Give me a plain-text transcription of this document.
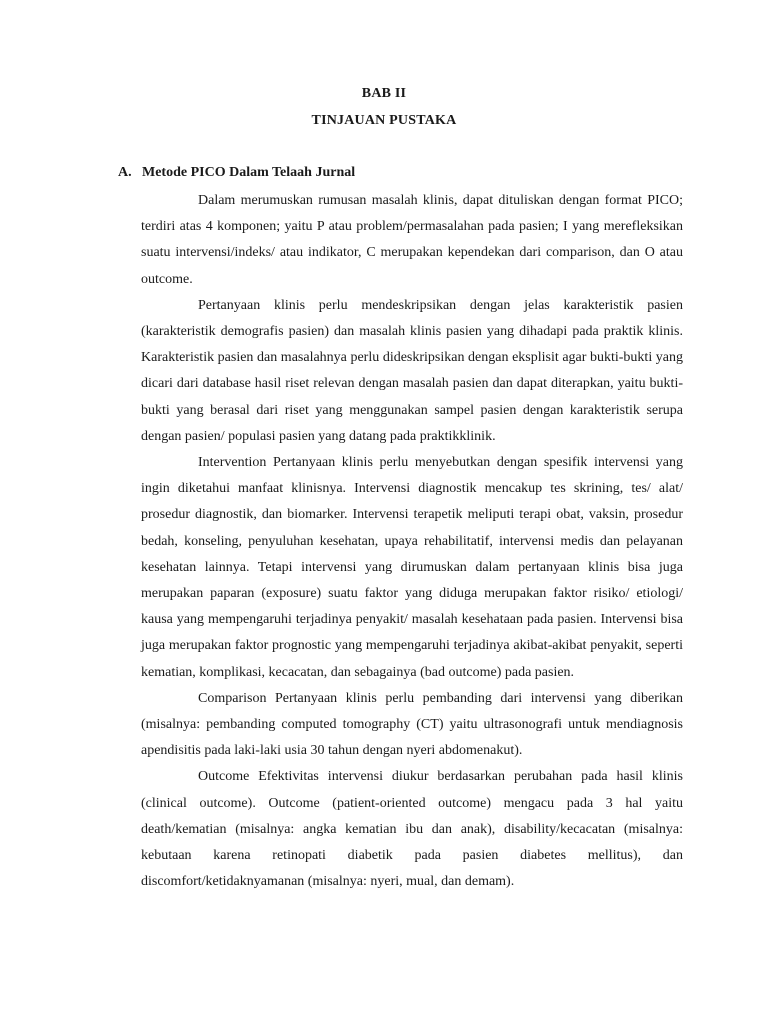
BAB II
TINJAUAN PUSTAKA
A. Metode PICO Dalam Telaah Jurnal

Dalam merumuskan rumusan masalah klinis, dapat dituliskan dengan format PICO; terdiri atas 4 komponen; yaitu P atau problem/permasalahan pada pasien; I yang merefleksikan suatu intervensi/indeks/ atau indikator, C merupakan kependekan dari comparison, dan O atau outcome.

Pertanyaan klinis perlu mendeskripsikan dengan jelas karakteristik pasien (karakteristik demografis pasien) dan masalah klinis pasien yang dihadapi pada praktik klinis. Karakteristik pasien dan masalahnya perlu dideskripsikan dengan eksplisit agar bukti-bukti yang dicari dari database hasil riset relevan dengan masalah pasien dan dapat diterapkan, yaitu bukti-bukti yang berasal dari riset yang menggunakan sampel pasien dengan karakteristik serupa dengan pasien/ populasi pasien yang datang pada praktikklinik.

Intervention Pertanyaan klinis perlu menyebutkan dengan spesifik intervensi yang ingin diketahui manfaat klinisnya. Intervensi diagnostik mencakup tes skrining, tes/ alat/ prosedur diagnostik, dan biomarker. Intervensi terapetik meliputi terapi obat, vaksin, prosedur bedah, konseling, penyuluhan kesehatan, upaya rehabilitatif, intervensi medis dan pelayanan kesehatan lainnya. Tetapi intervensi yang dirumuskan dalam pertanyaan klinis bisa juga merupakan paparan (exposure) suatu faktor yang diduga merupakan faktor risiko/ etiologi/ kausa yang mempengaruhi terjadinya penyakit/ masalah kesehataan pada pasien. Intervensi bisa juga merupakan faktor prognostic yang mempengaruhi terjadinya akibat-akibat penyakit, seperti kematian, komplikasi, kecacatan, dan sebagainya (bad outcome) pada pasien.

Comparison Pertanyaan klinis perlu pembanding dari intervensi yang diberikan (misalnya: pembanding computed tomography (CT) yaitu ultrasonografi untuk mendiagnosis apendisitis pada laki-laki usia 30 tahun dengan nyeri abdomenakut).

Outcome Efektivitas intervensi diukur berdasarkan perubahan pada hasil klinis (clinical outcome). Outcome (patient-oriented outcome) mengacu pada 3 hal yaitu death/kematian (misalnya: angka kematian ibu dan anak), disability/kecacatan (misalnya: kebutaan karena retinopati diabetik pada pasien diabetes mellitus), dan discomfort/ketidaknyamanan (misalnya: nyeri, mual, dan demam).
